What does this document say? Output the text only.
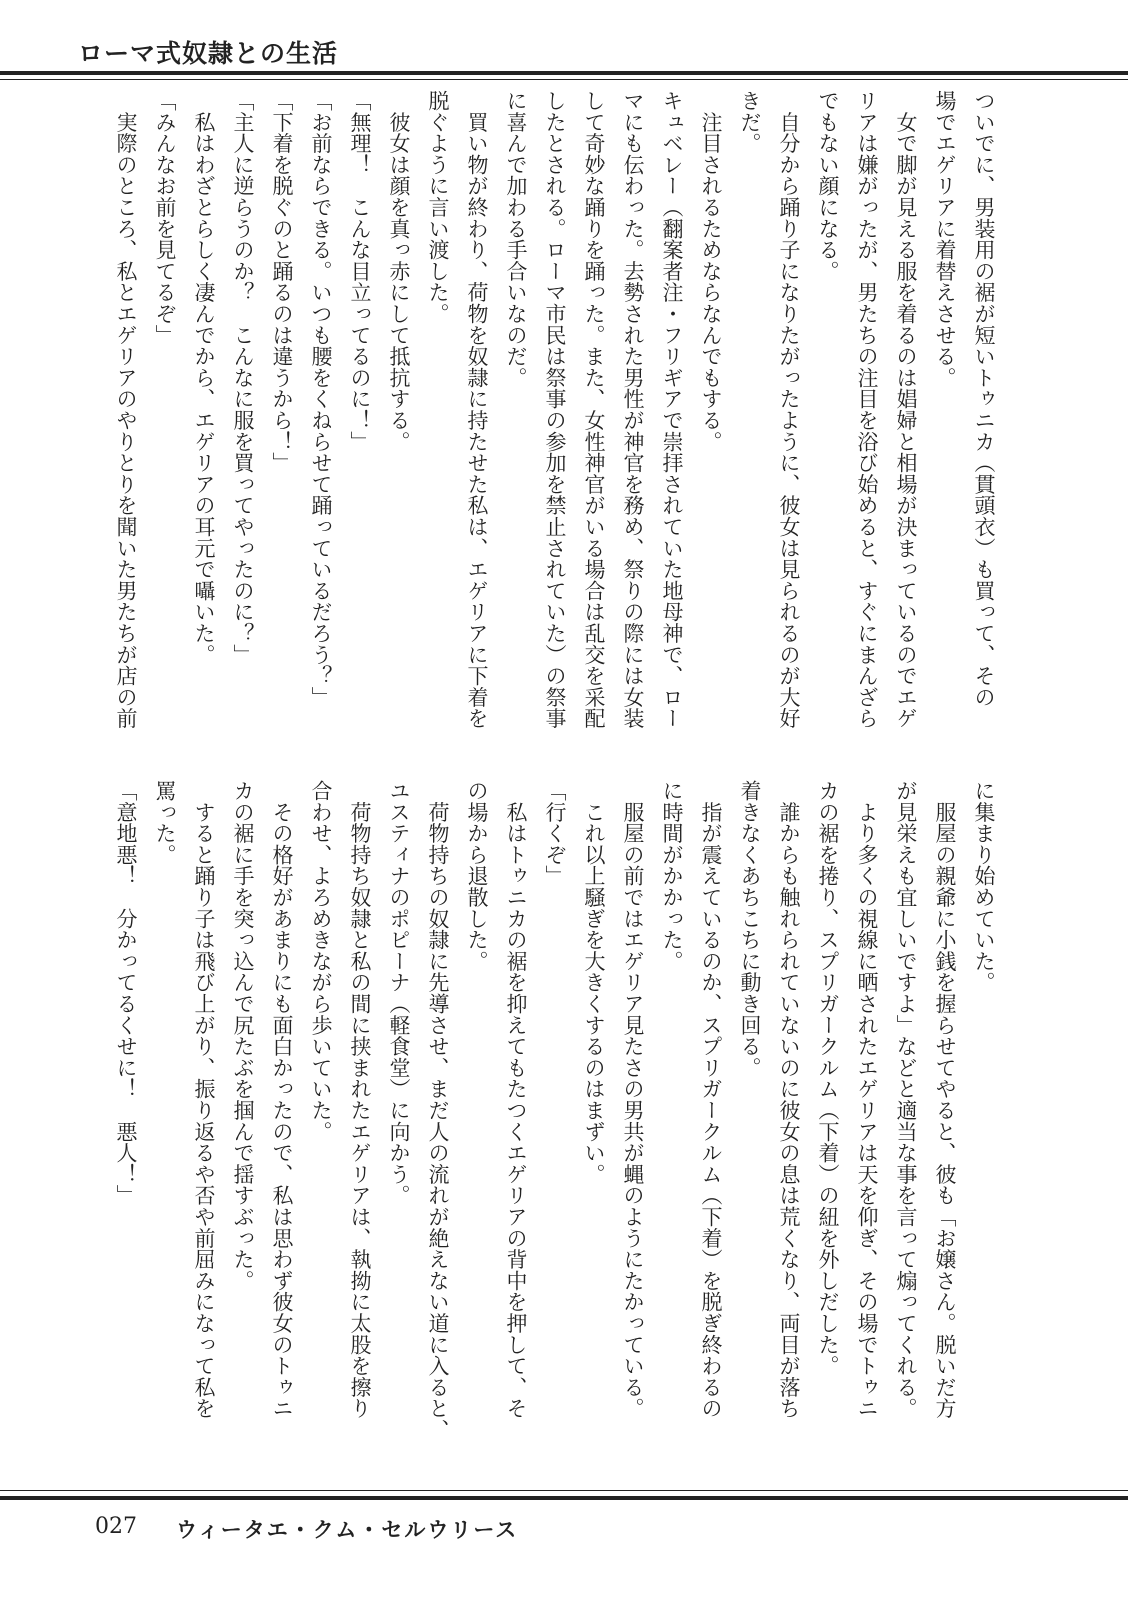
ローマ式奴隷との生活
ついでに、男装用の裾が短いトゥニカ（貫頭衣）も買って、その
場でエゲリアに着替えさせる。
　女で脚が見える服を着るのは娼婦と相場が決まっているのでエゲ
リアは嫌がったが、男たちの注目を浴び始めると、すぐにまんざら
でもない顔になる。
　自分から踊り子になりたがったように、彼女は見られるのが大好
きだ。
　注目されるためならなんでもする。
キュベレー（翻案者注・フリギアで崇拝されていた地母神で、ロー
マにも伝わった。去勢された男性が神官を務め、祭りの際には女装
して奇妙な踊りを踊った。また、女性神官がいる場合は乱交を采配
したとされる。ローマ市民は祭事の参加を禁止されていた）の祭事
に喜んで加わる手合いなのだ。
　買い物が終わり、荷物を奴隷に持たせた私は、エゲリアに下着を
脱ぐように言い渡した。
　彼女は顔を真っ赤にして抵抗する。
「無理！　こんな目立ってるのに！」
「お前ならできる。いつも腰をくねらせて踊っているだろう？」
「下着を脱ぐのと踊るのは違うから！」
「主人に逆らうのか？　こんなに服を買ってやったのに？」
　私はわざとらしく凄んでから、エゲリアの耳元で囁いた。
「みんなお前を見てるぞ」
　実際のところ、私とエゲリアのやりとりを聞いた男たちが店の前
に集まり始めていた。
　服屋の親爺に小銭を握らせてやると、彼も「お嬢さん。脱いだ方
が見栄えも宜しいですよ」などと適当な事を言って煽ってくれる。
　より多くの視線に晒されたエゲリアは天を仰ぎ、その場でトゥニ
カの裾を捲り、スプリガークルム（下着）の紐を外しだした。
　誰からも触れられていないのに彼女の息は荒くなり、両目が落ち
着きなくあちこちに動き回る。
　指が震えているのか、スプリガークルム（下着）を脱ぎ終わるの
に時間がかかった。
　服屋の前ではエゲリア見たさの男共が蝿のようにたかっている。
　これ以上騒ぎを大きくするのはまずい。
「行くぞ」
　私はトゥニカの裾を抑えてもたつくエゲリアの背中を押して、そ
の場から退散した。
　荷物持ちの奴隷に先導させ、まだ人の流れが絶えない道に入ると、
ユスティナのポピーナ（軽食堂）に向かう。
　荷物持ち奴隷と私の間に挟まれたエゲリアは、執拗に太股を擦り
合わせ、よろめきながら歩いていた。
　その格好があまりにも面白かったので、私は思わず彼女のトゥニ
カの裾に手を突っ込んで尻たぶを掴んで揺すぶった。
　すると踊り子は飛び上がり、振り返るや否や前屈みになって私を
罵った。
「意地悪！　分かってるくせに！　悪人！」
027 ウィータエ・クム・セルウリース
